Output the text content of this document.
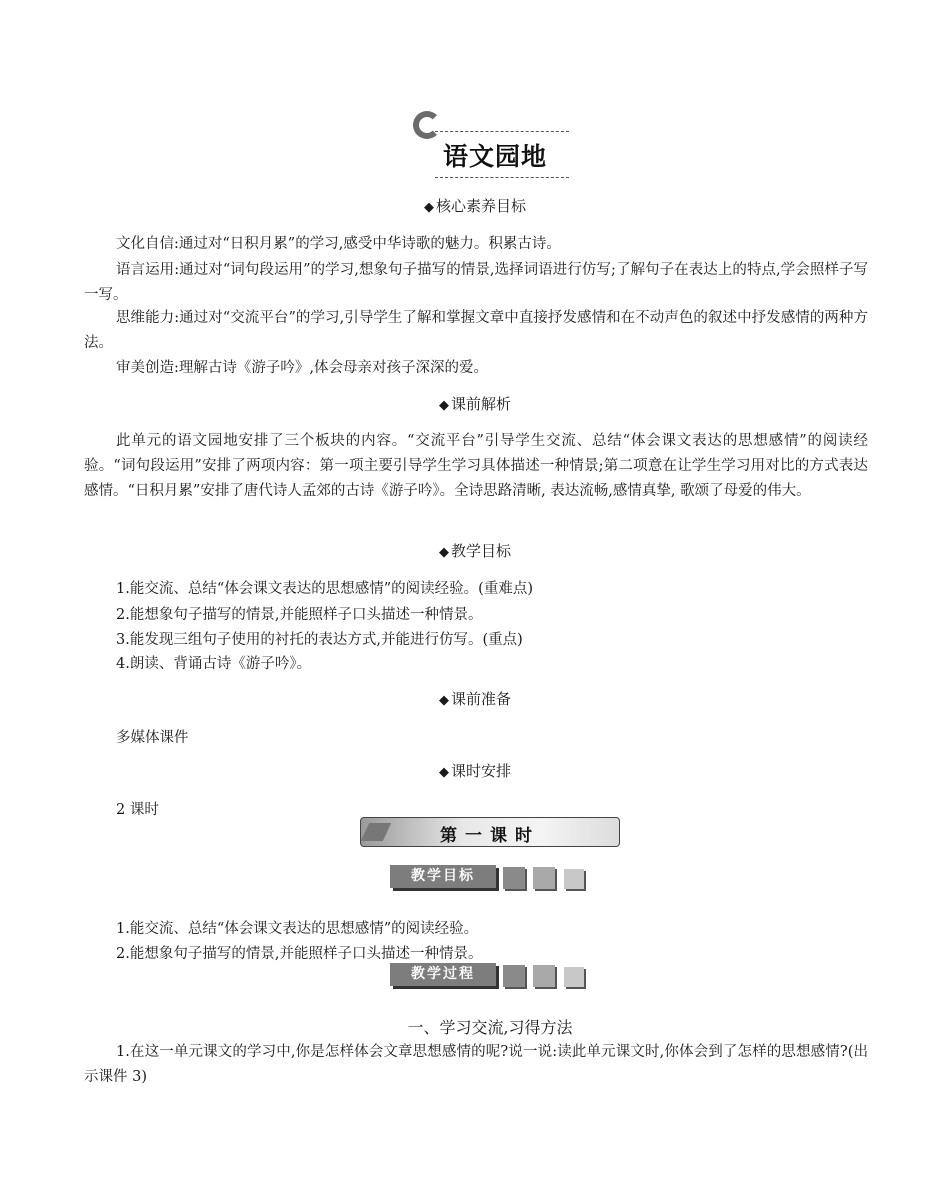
语文园地
◆ 核心素养目标
文化自信:通过对“日积月累”的学习,感受中华诗歌的魅力。积累古诗。
语言运用:通过对“词句段运用”的学习,想象句子描写的情景,选择词语进行仿写;了解句子在表达上的特点,学会照样子写一写。
思维能力:通过对“交流平台”的学习,引导学生了解和掌握文章中直接抒发感情和在不动声色的叙述中抒发感情的两种方法。
审美创造:理解古诗《游子吟》,体会母亲对孩子深深的爱。
◆ 课前解析
此单元的语文园地安排了三个板块的内容。“交流平台”引导学生交流、总结“体会课文表达的思想感情”的阅读经验。“词句段运用”安排了两项内容：第一项主要引导学生学习具体描述一种情景;第二项意在让学生学习用对比的方式表达感情。“日积月累”安排了唐代诗人孟郊的古诗《游子吟》。全诗思路清晰, 表达流畅,感情真挚, 歌颂了母爱的伟大。
◆ 教学目标
1.能交流、总结“体会课文表达的思想感情”的阅读经验。(重难点)
2.能想象句子描写的情景,并能照样子口头描述一种情景。
3.能发现三组句子使用的衬托的表达方式,并能进行仿写。(重点)
4.朗读、背诵古诗《游子吟》。
◆ 课前准备
多媒体课件
◆ 课时安排
2 课时
第一课时
教学目标
1.能交流、总结“体会课文表达的思想感情”的阅读经验。
2.能想象句子描写的情景,并能照样子口头描述一种情景。
教学过程
一、学习交流,习得方法
1.在这一单元课文的学习中,你是怎样体会文章思想感情的呢?说一说:读此单元课文时,你体会到了怎样的思想感情?(出示课件 3)
